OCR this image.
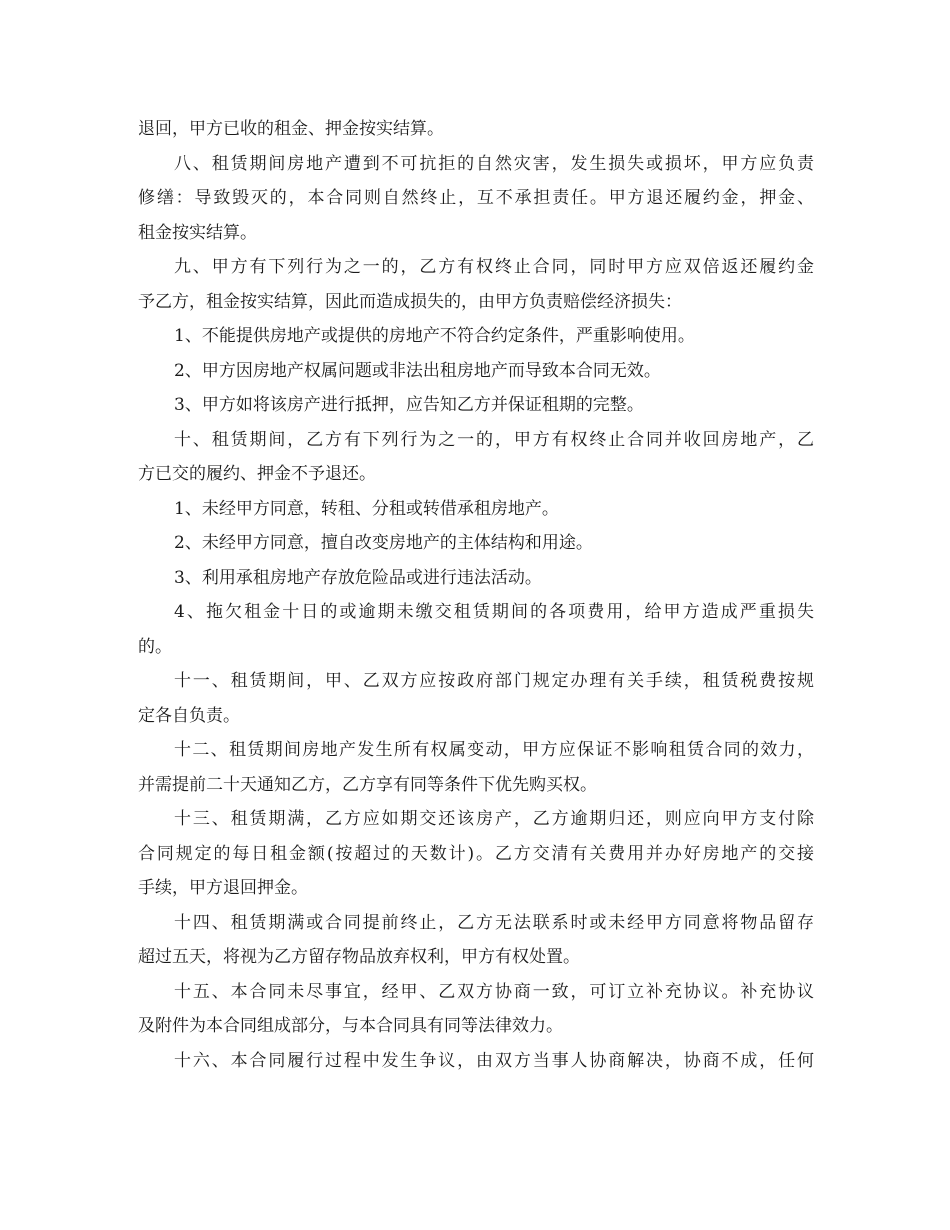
退回，甲方已收的租金、押金按实结算。
八、租赁期间房地产遭到不可抗拒的自然灾害，发生损失或损坏，甲方应负责
修缮：导致毁灭的，本合同则自然终止，互不承担责任。甲方退还履约金，押金、
租金按实结算。
九、甲方有下列行为之一的，乙方有权终止合同，同时甲方应双倍返还履约金
予乙方，租金按实结算，因此而造成损失的，由甲方负责赔偿经济损失：
1、不能提供房地产或提供的房地产不符合约定条件，严重影响使用。
2、甲方因房地产权属问题或非法出租房地产而导致本合同无效。
3、甲方如将该房产进行抵押，应告知乙方并保证租期的完整。
十、租赁期间，乙方有下列行为之一的，甲方有权终止合同并收回房地产，乙
方已交的履约、押金不予退还。
1、未经甲方同意，转租、分租或转借承租房地产。
2、未经甲方同意，擅自改变房地产的主体结构和用途。
3、利用承租房地产存放危险品或进行违法活动。
4、拖欠租金十日的或逾期未缴交租赁期间的各项费用，给甲方造成严重损失
的。
十一、租赁期间，甲、乙双方应按政府部门规定办理有关手续，租赁税费按规
定各自负责。
十二、租赁期间房地产发生所有权属变动，甲方应保证不影响租赁合同的效力，
并需提前二十天通知乙方，乙方享有同等条件下优先购买权。
十三、租赁期满，乙方应如期交还该房产，乙方逾期归还，则应向甲方支付除
合同规定的每日租金额(按超过的天数计)。乙方交清有关费用并办好房地产的交接
手续，甲方退回押金。
十四、租赁期满或合同提前终止，乙方无法联系时或未经甲方同意将物品留存
超过五天，将视为乙方留存物品放弃权利，甲方有权处置。
十五、本合同未尽事宜，经甲、乙双方协商一致，可订立补充协议。补充协议
及附件为本合同组成部分，与本合同具有同等法律效力。
十六、本合同履行过程中发生争议，由双方当事人协商解决，协商不成，任何
